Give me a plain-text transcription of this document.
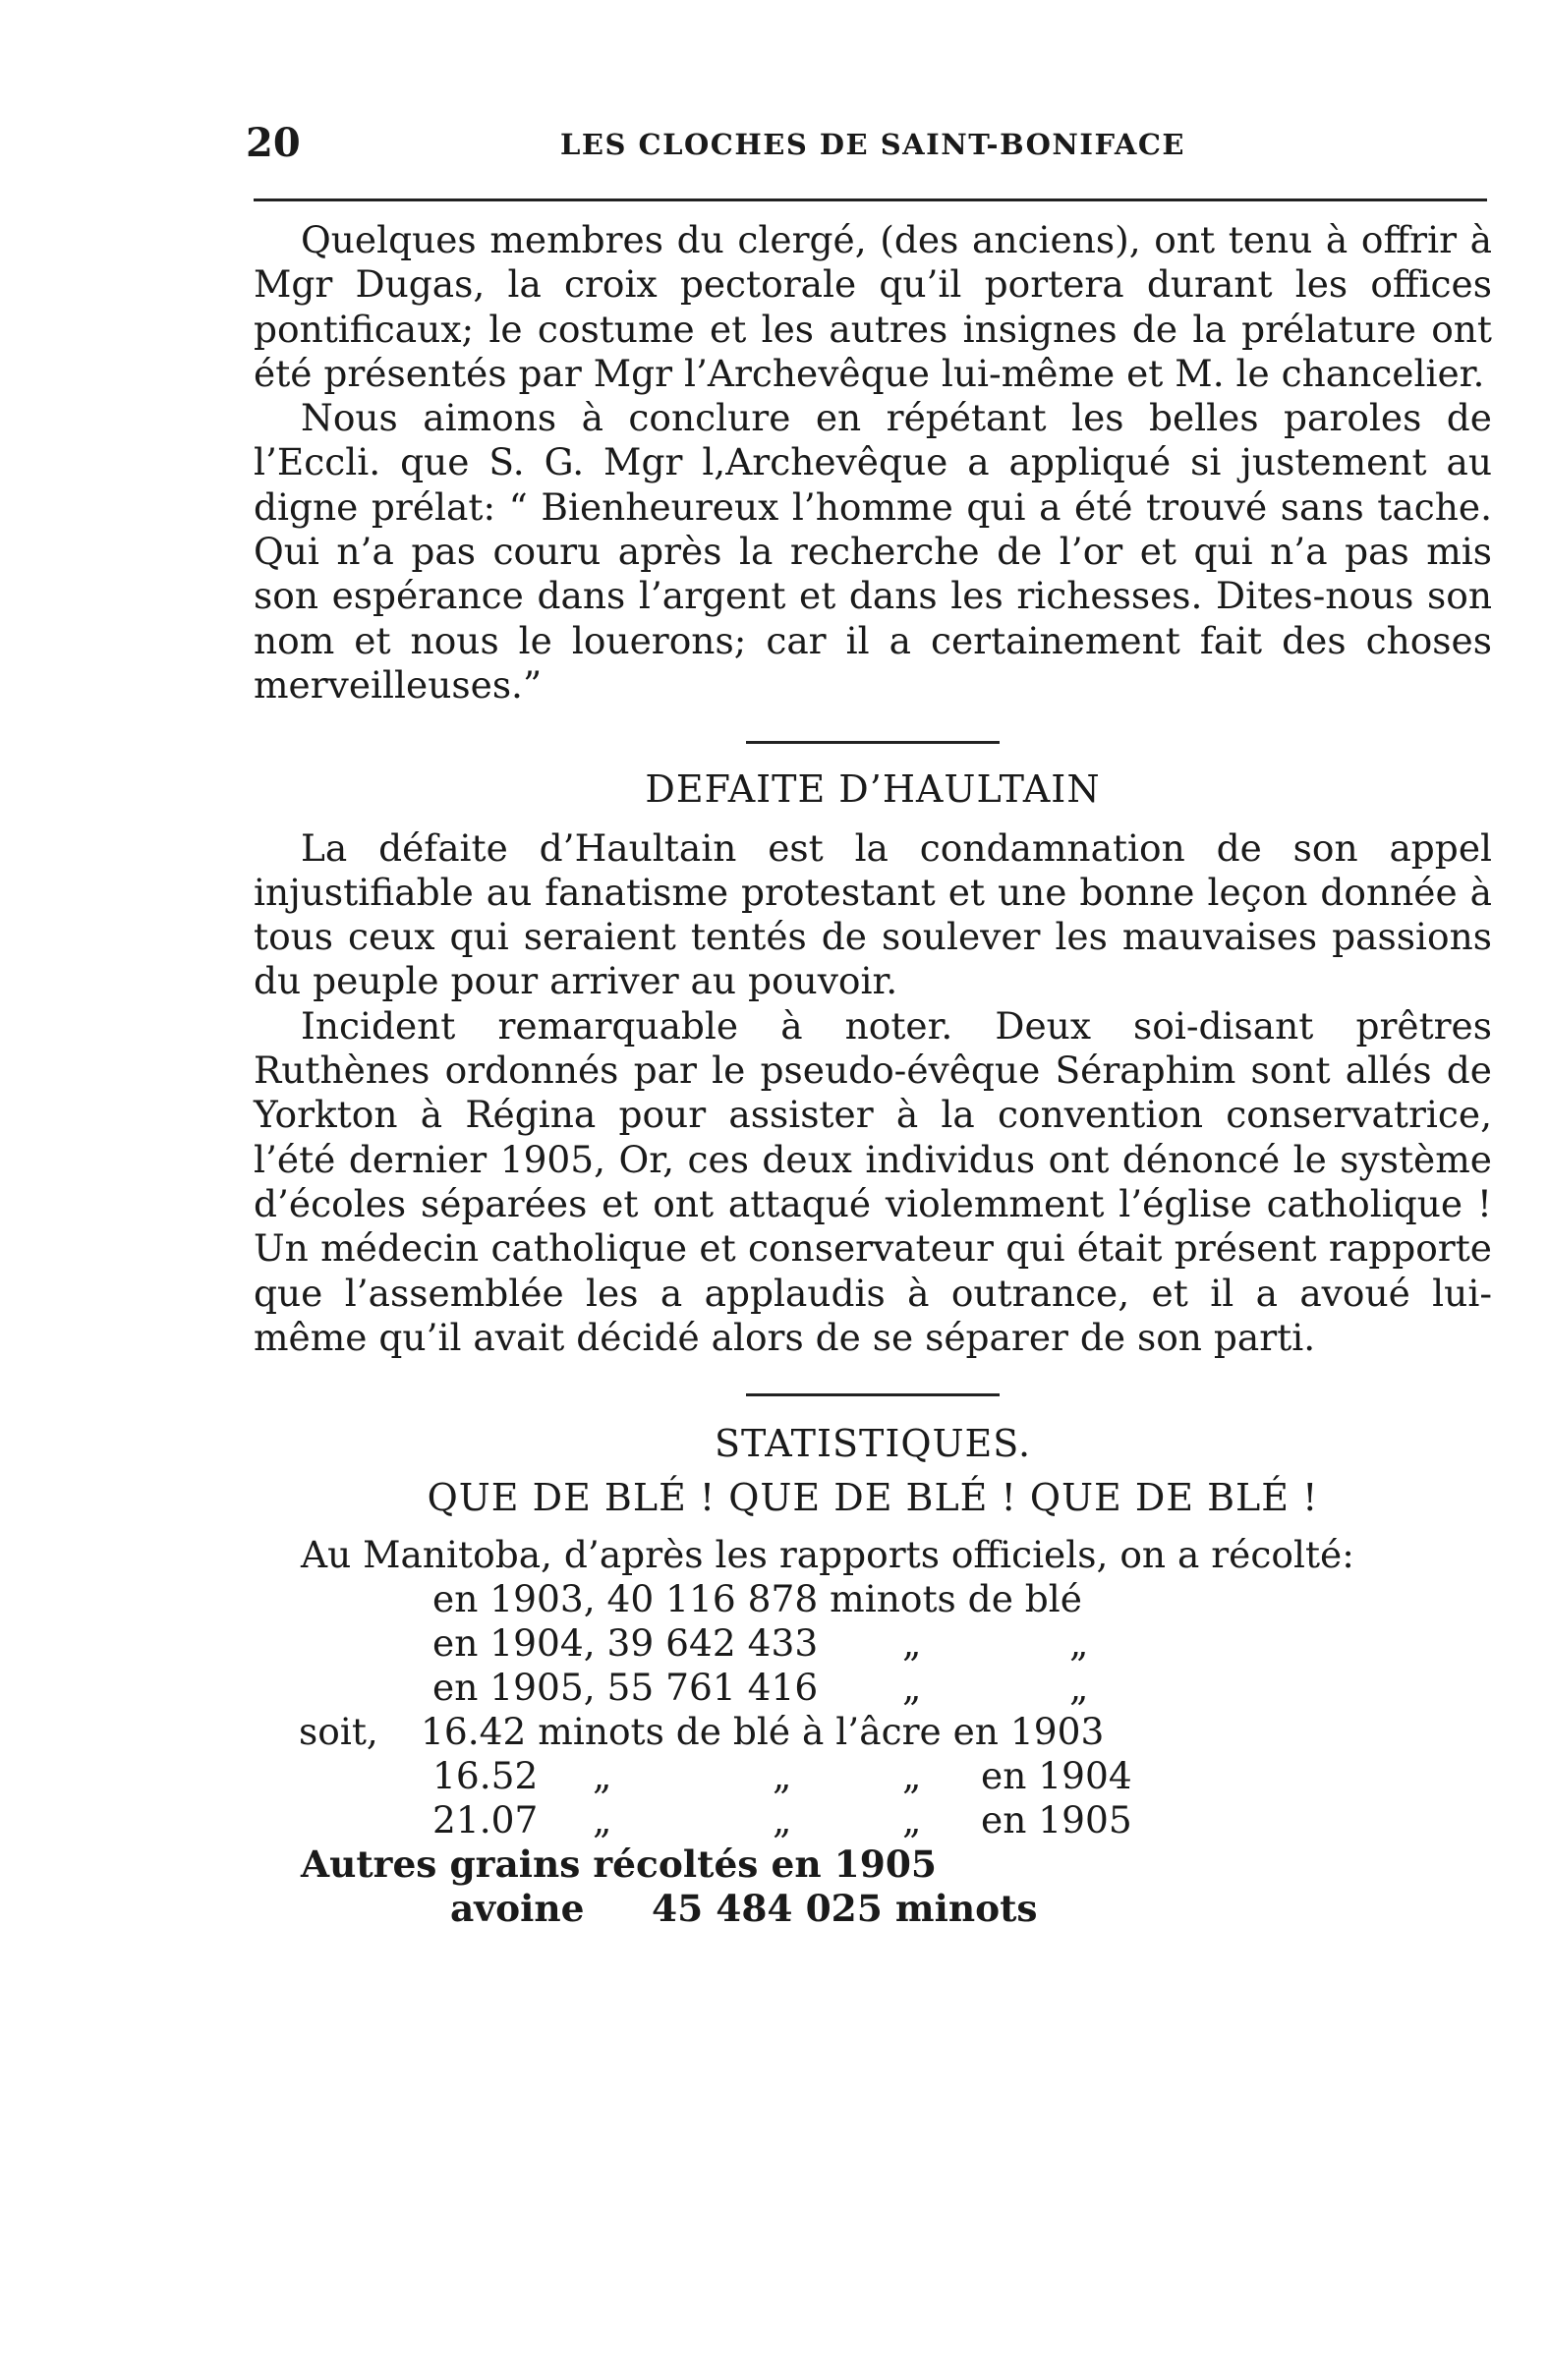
20	LES CLOCHES DE SAINT-BONIFACE

Quelques membres du clergé, (des anciens), ont tenu à offrir à Mgr Dugas, la croix pectorale qu’il portera durant les offices pontificaux; le costume et les autres insignes de la prélature ont été présentés par Mgr l’Archevêque lui-même et M. le chancelier.

Nous aimons à conclure en répétant les belles paroles de l’Eccli. que S. G. Mgr l,Archevêque a appliqué si justement au digne prélat: “ Bienheureux l’homme qui a été trouvé sans tache. Qui n’a pas couru après la recherche de l’or et qui n’a pas mis son espérance dans l’argent et dans les richesses. Dites-nous son nom et nous le louerons; car il a certainement fait des choses merveilleuses.”

DEFAITE D’HAULTAIN

La défaite d’Haultain est la condamnation de son appel injustifiable au fanatisme protestant et une bonne leçon donnée à tous ceux qui seraient tentés de soulever les mauvaises passions du peuple pour arriver au pouvoir.

Incident remarquable à noter. Deux soi-disant prêtres Ruthènes ordonnés par le pseudo-évêque Séraphim sont allés de Yorkton à Régina pour assister à la convention conservatrice, l’été dernier 1905, Or, ces deux individus ont dénoncé le système d’écoles séparées et ont attaqué violemment l’église catholique ! Un médecin catholique et conservateur qui était présent rapporte que l’assemblée les a applaudis à outrance, et il a avoué lui-même qu’il avait décidé alors de se séparer de son parti.

STATISTIQUES.

QUE DE BLÉ ! QUE DE BLÉ ! QUE DE BLÉ !

Au Manitoba, d’après les rapports officiels, on a récolté:
en 1903, 40 116 878 minots de blé
en 1904, 39 642 433 „	„
en 1905, 55 761 416 „	„
soit, 16.42 minots de blé à l’âcre en 1903
16.52 „	„	„ en 1904
21.07 „	„	„ en 1905
Autres grains récoltés en 1905
avoine 45 484 025 minots
